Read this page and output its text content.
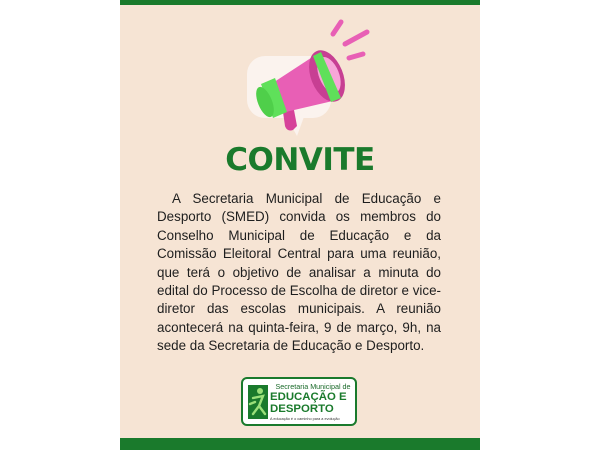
CONVITE

A Secretaria Municipal de Educação e Desporto (SMED) convida os membros do Conselho Municipal de Educação e da Comissão Eleitoral Central para uma reunião, que terá o objetivo de analisar a minuta do edital do Processo de Escolha de diretor e vice-diretor das escolas municipais. A reunião acontecerá na quinta-feira, 9 de março, 9h, na sede da Secretaria de Educação e Desporto.

Secretaria Municipal de
EDUCAÇÃO E
DESPORTO
A educação é o caminho para a evolução
